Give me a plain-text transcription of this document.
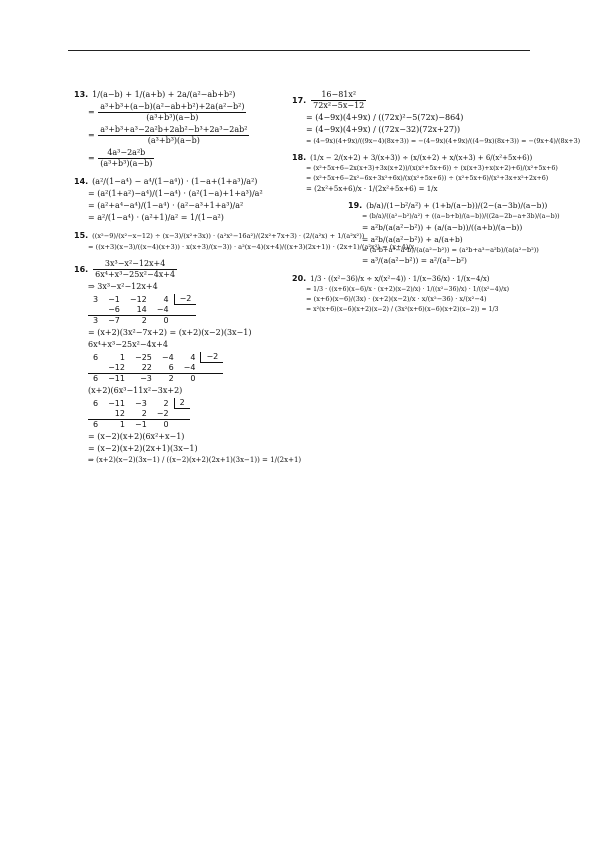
13. 1/(a−b) + 1/(a+b) + 2a/(a²−ab+b²)
= $\frac{\text{a³+b³+(a−b)(a²−ab+b²)+2a(a²−b²)}}{\text{(a³+b³)(a−b)}}$
= $\frac{\text{a³+b³+a³−2a²b+2ab²−b³+2a³−2ab²}}{\text{(a³+b³)(a−b)}}$
= $\frac{\text{4a³−2a²b}}{\text{(a³+b³)(a−b)}}$
14. (a²/(1−a⁴) − a⁴/(1−a⁴)) · (1−a+(1+a³)/a²)
= (a²(1+a²)−a⁴)/(1−a⁴) · (a²(1−a)+1+a³)/a²
= (a²+a⁴−a⁴)/(1−a⁴) · (a²−a³+1+a³)/a²
= a²/(1−a⁴) · (a²+1)/a² = 1/(1−a²)
15. ((x²−9)/(x²−x−12) ÷ (x−3)/(x²+3x)) · (a²x²−16a²)/(2x²+7x+3) · (2/(a²x) + 1/(a²x²))
= ((x+3)(x−3)/((x−4)(x+3)) · x(x+3)/(x−3)) · a²(x−4)(x+4)/((x+3)(2x+1)) · (2x+1)/(a²x²) = (x+4)/x
16. $\frac{\text{3x³−x²−12x+4}}{\text{6x⁴+x³−25x²−4x+4}}$
⇒ 3x³−x²−12x+4
3	−1	−12	4	−2
	−6	14	−4	
3	−7	2	0	
= (x+2)(3x²−7x+2) = (x+2)(x−2)(3x−1)
6x⁴+x³−25x²−4x+4
6	1	−25	−4	4	−2
	−12	22	6	−4	
6	−11	−3	2	0	
(x+2)(6x³−11x²−3x+2)
6	−11	−3	2	2
	12	2	−2	
6	1	−1	0	
= (x−2)(x+2)(6x²+x−1)
= (x−2)(x+2)(2x+1)(3x−1)
⇒ (x+2)(x−2)(3x−1) / ((x−2)(x+2)(2x+1)(3x−1)) = 1/(2x+1)
17. $\frac{\text{16−81x²}}{\text{72x²−5x−12}}$
= (4−9x)(4+9x) / ((72x)²−5(72x)−864)
= (4−9x)(4+9x) / ((72x−32)(72x+27))
= (4−9x)(4+9x)/((9x−4)(8x+3)) = −(4−9x)(4+9x)/((4−9x)(8x+3)) = −(9x+4)/(8x+3)
18. (1/x − 2/(x+2) + 3/(x+3)) ÷ (x/(x+2) + x/(x+3) + 6/(x²+5x+6))
= (x²+5x+6−2x(x+3)+3x(x+2))/(x(x²+5x+6)) ÷ (x(x+3)+x(x+2)+6)/(x²+5x+6)
= (x²+5x+6−2x²−6x+3x²+6x)/(x(x²+5x+6)) ÷ (x²+5x+6)/(x²+3x+x²+2x+6)
= (2x²+5x+6)/x · 1/(2x²+5x+6) = 1/x
19. (b/a)/(1−b²/a²) + (1+b/(a−b))/(2−(a−3b)/(a−b))
= (b/a)/((a²−b²)/a²) + ((a−b+b)/(a−b))/((2a−2b−a+3b)/(a−b))
= a²b/(a(a²−b²)) + (a/(a−b))/((a+b)/(a−b))
= a²b/(a(a²−b²)) + a/(a+b)
= (a²b+a³−a²b)/(a(a²−b²)) = (a²b+a³−a²b)/(a(a²−b²))
= a³/(a(a²−b²)) = a²/(a²−b²)
20. 1/3 · ((x²−36)/x ÷ x/(x²−4)) · 1/(x−36/x) · 1/(x−4/x)
= 1/3 · ((x+6)(x−6)/x · (x+2)(x−2)/x) · 1/((x²−36)/x) · 1/((x²−4)/x)
= (x+6)(x−6)/(3x) · (x+2)(x−2)/x · x/(x²−36) · x/(x²−4)
= x²(x+6)(x−6)(x+2)(x−2) / (3x²(x+6)(x−6)(x+2)(x−2)) = 1/3
